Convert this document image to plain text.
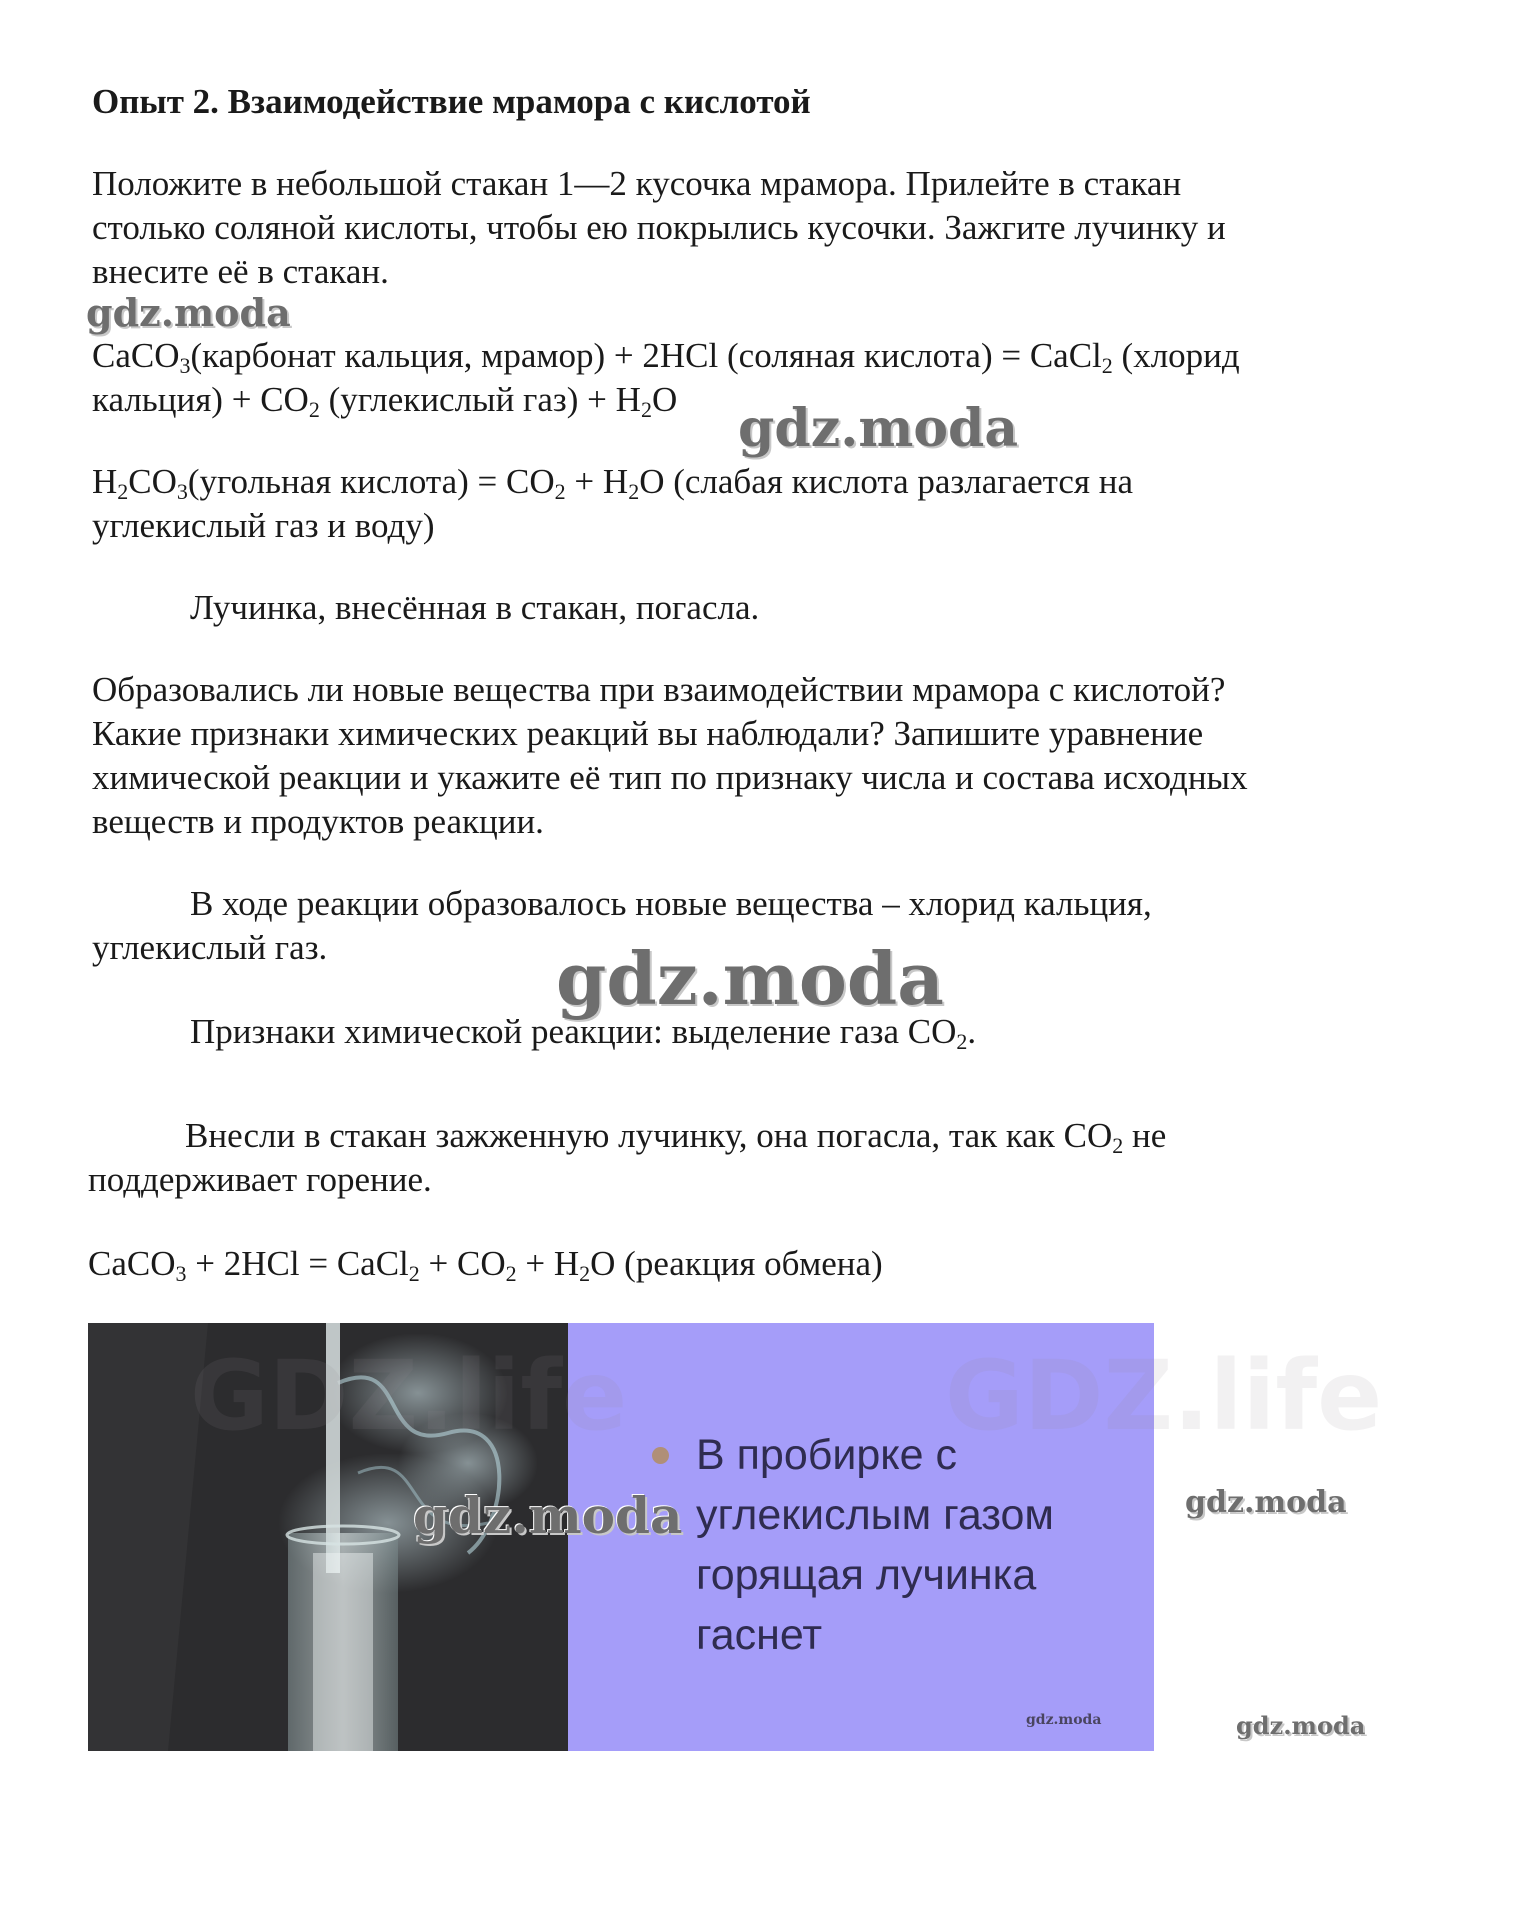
Опыт 2. Взаимодействие мрамора с кислотой
Положите в небольшой стакан 1—2 кусочка мрамора. Прилейте в стакан
столько соляной кислоты, чтобы ею покрылись кусочки. Зажгите лучинку и
внесите её в стакан.
CaCO$_3$(карбонат кальция, мрамор) + 2HCl (соляная кислота) = CaCl$_2$ (хлорид
кальция) + $CO_2$ (углекислый $газ) + H_2O$
$H_2CO_3(угольная$ кислота) = $CO_2 + H_2O$ (слабая кислота разлагается на
углекислый газ и воду)
Лучинка, внесённая в стакан, погасла.
Образовались ли новые вещества при взаимодействии мрамора с кислотой?
Какие признаки химических реакций вы наблюдали? Запишите уравнение
химической реакции и укажите её тип по признаку числа и состава исходных
веществ и продуктов реакции.
В ходе реакции образовалось новые вещества – хлорид кальция,
углекислый газ.
Признаки химической реакции: выделение газа $CO_2$.
Внесли в стакан зажженную лучинку, она погасла, так как $CO_2$ не
поддерживает горение.
CaCO$_3$ + 2HCl = CaCl$_2$ + $CO_2 + H_2O$ (реакция обмена)
В пробирке с
углекислым газом
горящая лучинка
гаснет
GDZ.life	GDZ.life
gdz.moda
gdz.moda
gdz.moda
gdz.moda	gdz.moda
gdz.moda	gdz.moda
